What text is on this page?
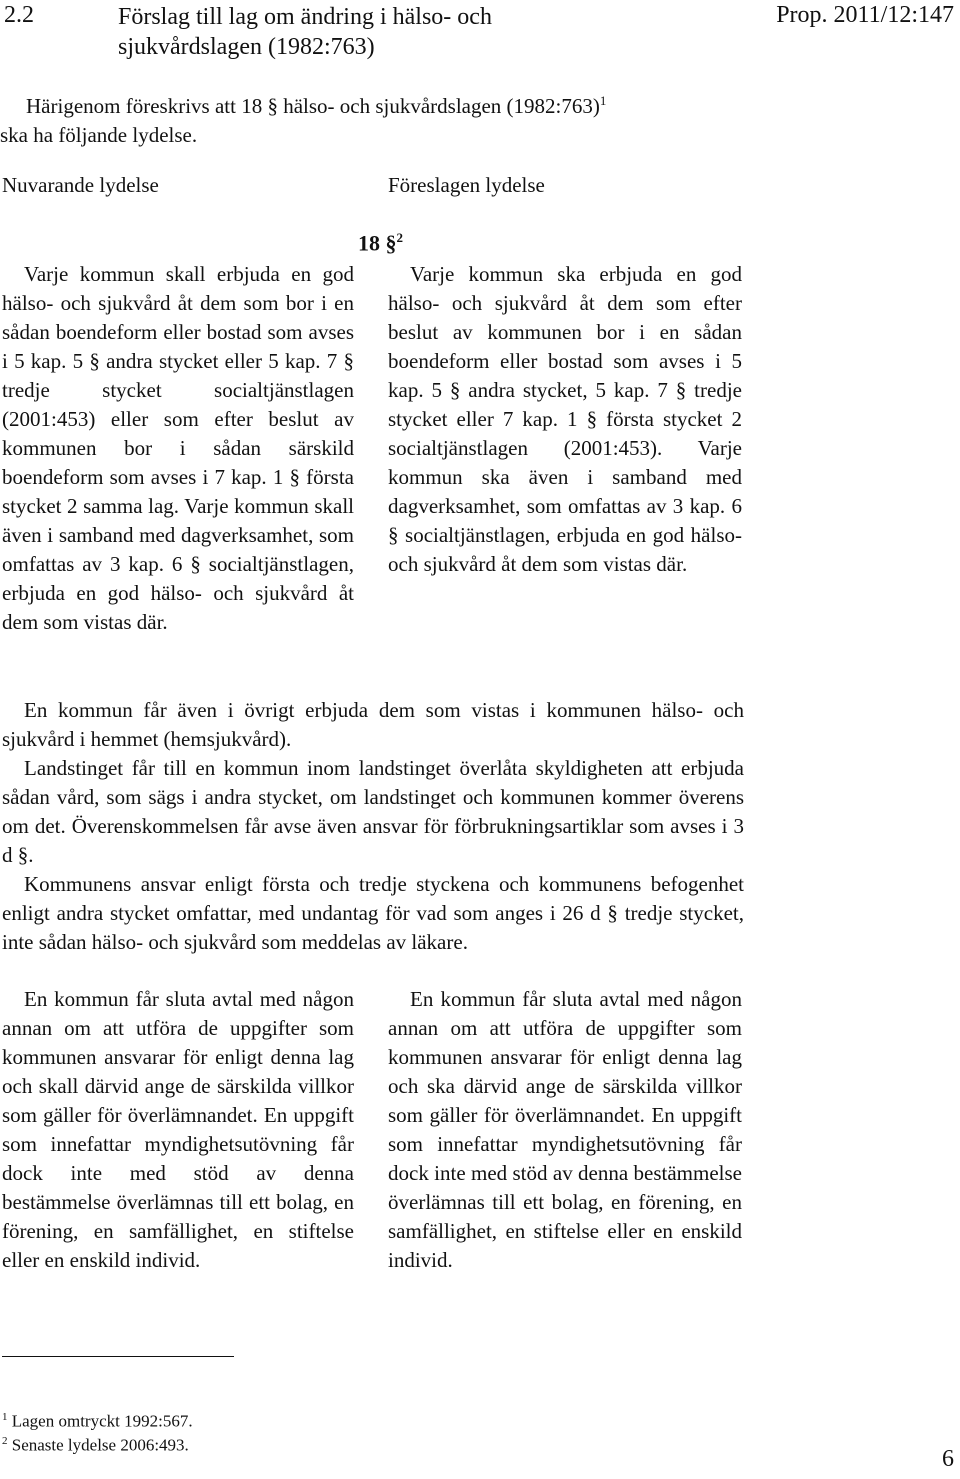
2.2	Förslag till lag om ändring i hälso- och sjukvårdslagen (1982:763)
Prop. 2011/12:147
Härigenom föreskrivs att 18 § hälso- och sjukvårdslagen (1982:763)$^1$
ska ha följande lydelse.
Nuvarande lydelse	Föreslagen lydelse
18 §$^2$

Varje kommun skall erbjuda en god hälso- och sjukvård åt dem som bor i en sådan boendeform eller bostad som avses i 5 kap. 5 § andra stycket eller 5 kap. 7 § tredje stycket socialtjänstlagen (2001:453) eller som efter beslut av kommunen bor i sådan särskild boendeform som avses i 7 kap. 1 § första stycket 2 samma lag. Varje kommun skall även i samband med dagverksamhet, som omfattas av 3 kap. 6 § socialtjänstlagen, erbjuda en god hälso- och sjukvård åt dem som vistas där.

Varje kommun ska erbjuda en god hälso- och sjukvård åt dem som efter beslut av kommunen bor i en sådan boendeform eller bostad som avses i 5 kap. 5 § andra stycket, 5 kap. 7 § tredje stycket eller 7 kap. 1 § första stycket 2 socialtjänstlagen (2001:453). Varje kommun ska även i samband med dagverksamhet, som omfattas av 3 kap. 6 § socialtjänstlagen, erbjuda en god hälso- och sjukvård åt dem som vistas där.

En kommun får även i övrigt erbjuda dem som vistas i kommunen hälso- och sjukvård i hemmet (hemsjukvård).

Landstinget får till en kommun inom landstinget överlåta skyldigheten att erbjuda sådan vård, som sägs i andra stycket, om landstinget och kommunen kommer överens om det. Överenskommelsen får avse även ansvar för förbrukningsartiklar som avses i 3 d §.

Kommunens ansvar enligt första och tredje styckena och kommunens befogenhet enligt andra stycket omfattar, med undantag för vad som anges i 26 d § tredje stycket, inte sådan hälso- och sjukvård som meddelas av läkare.

En kommun får sluta avtal med någon annan om att utföra de uppgifter som kommunen ansvarar för enligt denna lag och skall därvid ange de särskilda villkor som gäller för överlämnandet. En uppgift som innefattar myndighetsutövning får dock inte med stöd av denna bestämmelse överlämnas till ett bolag, en förening, en samfällighet, en stiftelse eller en enskild individ.

En kommun får sluta avtal med någon annan om att utföra de uppgifter som kommunen ansvarar för enligt denna lag och ska därvid ange de särskilda villkor som gäller för överlämnandet. En uppgift som innefattar myndighetsutövning får dock inte med stöd av denna bestämmelse överlämnas till ett bolag, en förening, en samfällighet, en stiftelse eller en enskild individ.

$^1$ Lagen omtryckt 1992:567.
$^2$ Senaste lydelse 2006:493.
6
